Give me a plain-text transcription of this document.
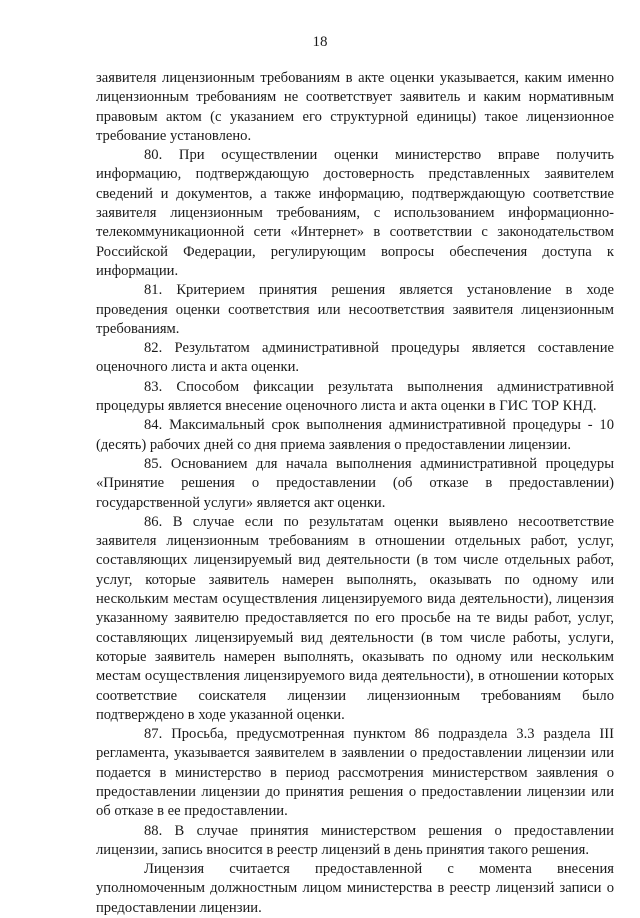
18

заявителя лицензионным требованиям в акте оценки указывается, каким именно лицензионным требованиям не соответствует заявитель и каким нормативным правовым актом (с указанием его структурной единицы) такое лицензионное требование установлено.

80. При осуществлении оценки министерство вправе получить информацию, подтверждающую достоверность представленных заявителем сведений и документов, а также информацию, подтверждающую соответствие заявителя лицензионным требованиям, с использованием информационно-телекоммуникационной сети «Интернет» в соответствии с законодательством Российской Федерации, регулирующим вопросы обеспечения доступа к информации.

81. Критерием принятия решения является установление в ходе проведения оценки соответствия или несоответствия заявителя лицензионным требованиям.

82. Результатом административной процедуры является составление оценочного листа и акта оценки.

83. Способом фиксации результата выполнения административной процедуры является внесение оценочного листа и акта оценки в ГИС ТОР КНД.

84. Максимальный срок выполнения административной процедуры - 10 (десять) рабочих дней со дня приема заявления о предоставлении лицензии.

85. Основанием для начала выполнения административной процедуры «Принятие решения о предоставлении (об отказе в предоставлении) государственной услуги» является акт оценки.

86. В случае если по результатам оценки выявлено несоответствие заявителя лицензионным требованиям в отношении отдельных работ, услуг, составляющих лицензируемый вид деятельности (в том числе отдельных работ, услуг, которые заявитель намерен выполнять, оказывать по одному или нескольким местам осуществления лицензируемого вида деятельности), лицензия указанному заявителю предоставляется по его просьбе на те виды работ, услуг, составляющих лицензируемый вид деятельности (в том числе работы, услуги, которые заявитель намерен выполнять, оказывать по одному или нескольким местам осуществления лицензируемого вида деятельности), в отношении которых соответствие соискателя лицензии лицензионным требованиям было подтверждено в ходе указанной оценки.

87. Просьба, предусмотренная пунктом 86 подраздела 3.3 раздела III регламента, указывается заявителем в заявлении о предоставлении лицензии или подается в министерство в период рассмотрения министерством заявления о предоставлении лицензии до принятия решения о предоставлении лицензии или об отказе в ее предоставлении.

88. В случае принятия министерством решения о предоставлении лицензии, запись вносится в реестр лицензий в день принятия такого решения.

Лицензия считается предоставленной с момента внесения уполномоченным должностным лицом министерства в реестр лицензий записи о предоставлении лицензии.
